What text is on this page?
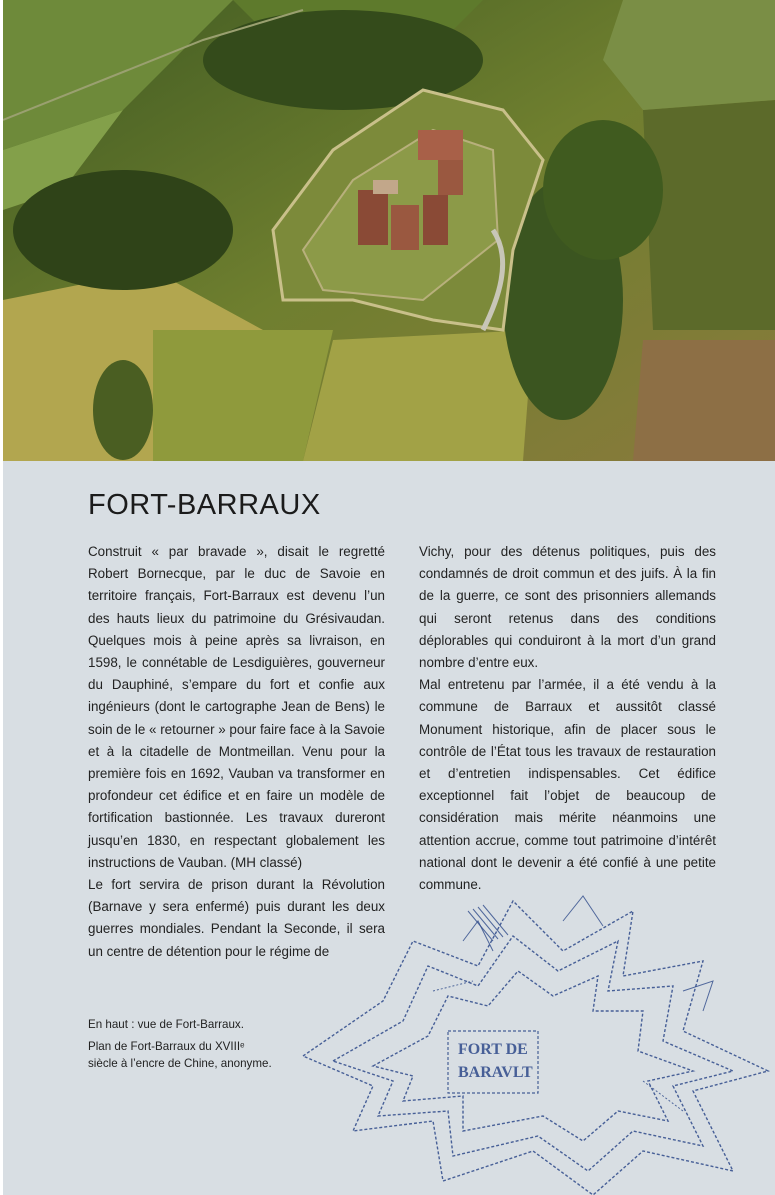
FORT-BARRAUX

Construit « par bravade », disait le regretté Robert Bornecque, par le duc de Savoie en territoire français, Fort-Barraux est devenu l’un des hauts lieux du patrimoine du Grésivaudan. Quelques mois à peine après sa livraison, en 1598, le connétable de Lesdiguières, gouverneur du Dauphiné, s’empare du fort et confie aux ingénieurs (dont le cartographe Jean de Bens) le soin de le « retourner » pour faire face à la Savoie et à la citadelle de Montmeillan. Venu pour la première fois en 1692, Vauban va transformer en profondeur cet édifice et en faire un modèle de fortification bastionnée. Les travaux dureront jusqu’en 1830, en respectant globalement les instructions de Vauban. (MH classé)

Le fort servira de prison durant la Révolution (Barnave y sera enfermé) puis durant les deux guerres mondiales. Pendant la Seconde, il sera un centre de détention pour le régime de

Vichy, pour des détenus politiques, puis des condamnés de droit commun et des juifs. À la fin de la guerre, ce sont des prisonniers allemands qui seront retenus dans des conditions déplorables qui conduiront à la mort d’un grand nombre d’entre eux.

Mal entretenu par l’armée, il a été vendu à la commune de Barraux et aussitôt classé Monument historique, afin de placer sous le contrôle de l’État tous les travaux de restauration et d’entretien indispensables. Cet édifice exceptionnel fait l’objet de beaucoup de considération mais mérite néanmoins une attention accrue, comme tout patrimoine d’intérêt national dont le devenir a été confié à une petite commune.

En haut : vue de Fort-Barraux.

Plan de Fort-Barraux du XVIIIᵉ siècle à l’encre de Chine, anonyme.

FORT DE
BARAVLT
